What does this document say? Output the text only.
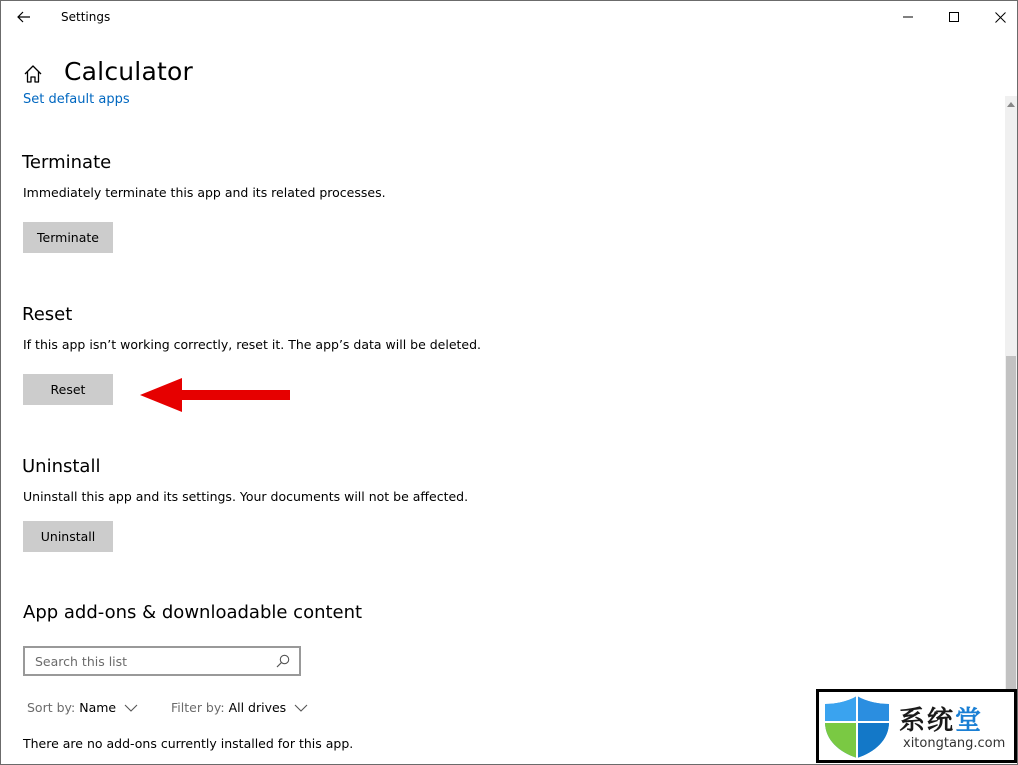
Settings
Calculator
Set default apps
Terminate
Immediately terminate this app and its related processes.
Terminate
Reset
If this app isn’t working correctly, reset it. The app’s data will be deleted.
Reset
Uninstall
Uninstall this app and its settings. Your documents will not be affected.
Uninstall
App add-ons & downloadable content
Search this list
Sort by: Name	Filter by: All drives
There are no add-ons currently installed for this app.
系统堂
xitongtang.com
